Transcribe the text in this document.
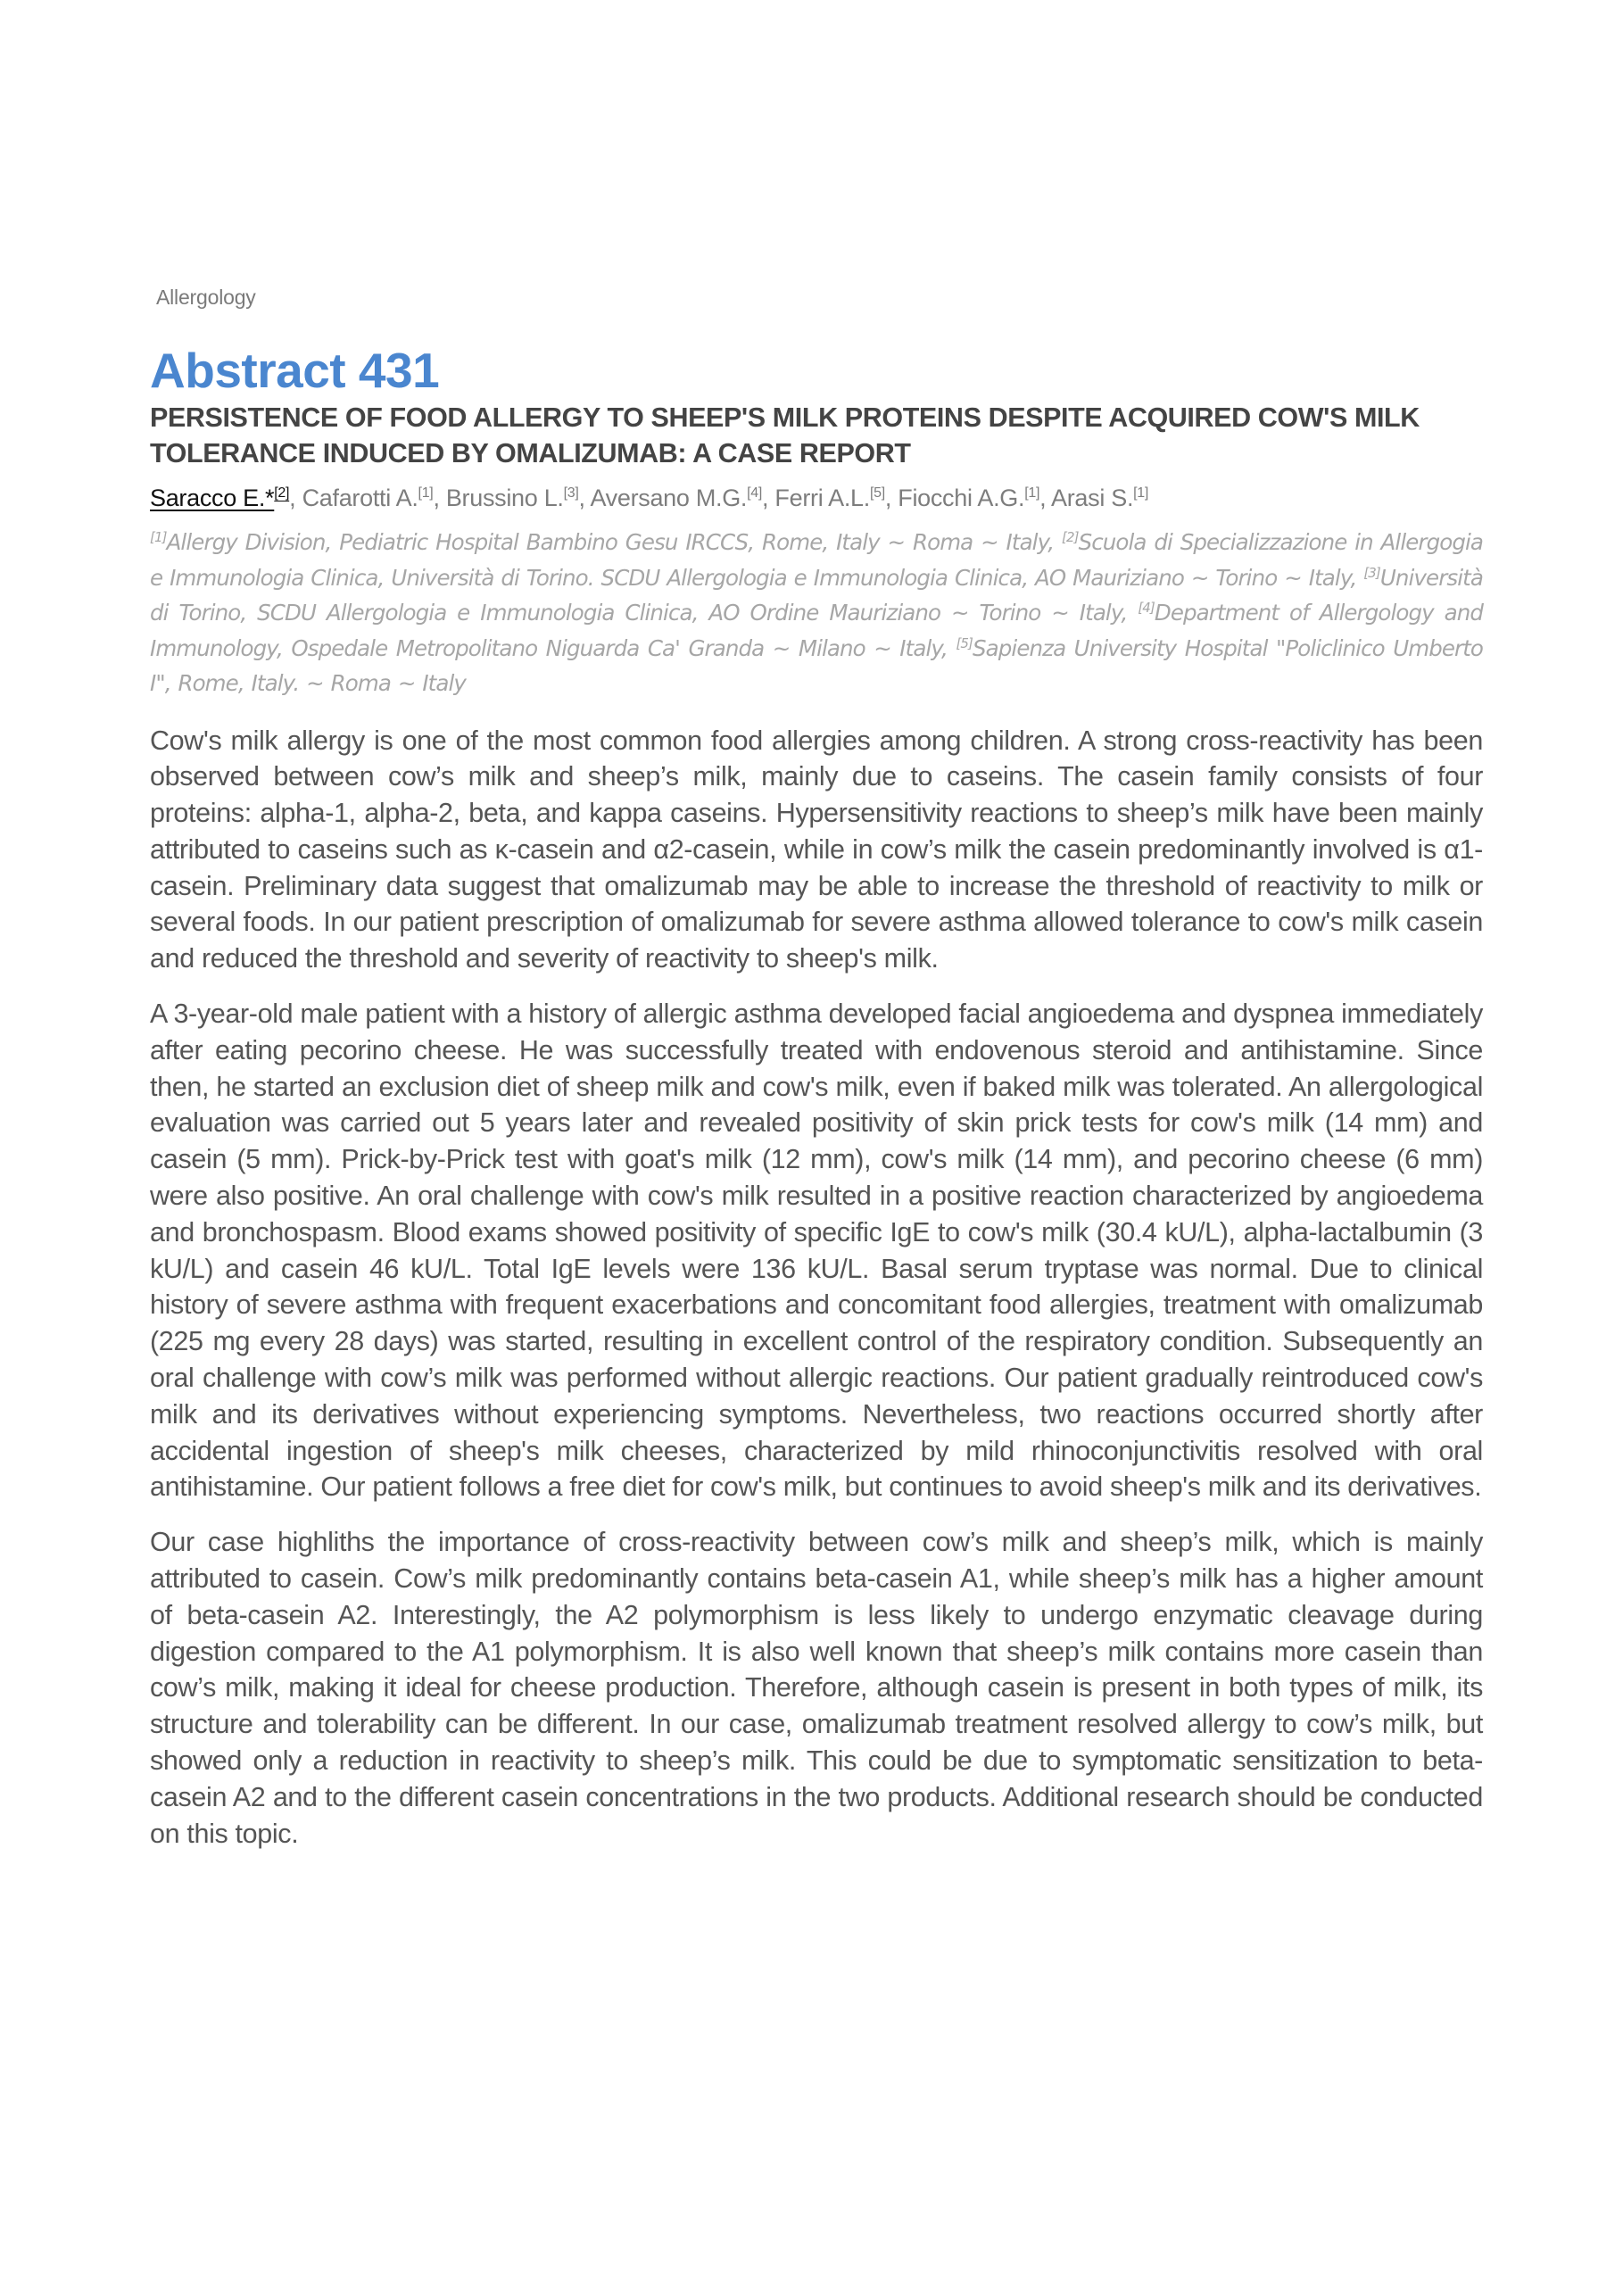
Allergology
Abstract 431
PERSISTENCE OF FOOD ALLERGY TO SHEEP'S MILK PROTEINS DESPITE ACQUIRED COW'S MILK TOLERANCE INDUCED BY OMALIZUMAB: A CASE REPORT
Saracco E.*[2], Cafarotti A.[1], Brussino L.[3], Aversano M.G.[4], Ferri A.L.[5], Fiocchi A.G.[1], Arasi S.[1]
[1]Allergy Division, Pediatric Hospital Bambino Gesu IRCCS, Rome, Italy ~ Roma ~ Italy, [2]Scuola di Specializzazione in Allergogia e Immunologia Clinica, Università di Torino. SCDU Allergologia e Immunologia Clinica, AO Mauriziano ~ Torino ~ Italy, [3]Università di Torino, SCDU Allergologia e Immunologia Clinica, AO Ordine Mauriziano ~ Torino ~ Italy, [4]Department of Allergology and Immunology, Ospedale Metropolitano Niguarda Ca' Granda ~ Milano ~ Italy, [5]Sapienza University Hospital "Policlinico Umberto I", Rome, Italy. ~ Roma ~ Italy

Cow's milk allergy is one of the most common food allergies among children. A strong cross-reactivity has been observed between cow’s milk and sheep’s milk, mainly due to caseins. The casein family consists of four proteins: alpha-1, alpha-2, beta, and kappa caseins. Hypersensitivity reactions to sheep’s milk have been mainly attributed to caseins such as κ-casein and α2-casein, while in cow’s milk the casein predominantly involved is α1-casein. Preliminary data suggest that omalizumab may be able to increase the threshold of reactivity to milk or several foods. In our patient prescription of omalizumab for severe asthma allowed tolerance to cow's milk casein and reduced the threshold and severity of reactivity to sheep's milk.

A 3-year-old male patient with a history of allergic asthma developed facial angioedema and dyspnea immediately after eating pecorino cheese. He was successfully treated with endovenous steroid and antihistamine. Since then, he started an exclusion diet of sheep milk and cow's milk, even if baked milk was tolerated. An allergological evaluation was carried out 5 years later and revealed positivity of skin prick tests for cow's milk (14 mm) and casein (5 mm). Prick-by-Prick test with goat's milk (12 mm), cow's milk (14 mm), and pecorino cheese (6 mm) were also positive. An oral challenge with cow's milk resulted in a positive reaction characterized by angioedema and bronchospasm. Blood exams showed positivity of specific IgE to cow's milk (30.4 kU/L), alpha-lactalbumin (3 kU/L) and casein 46 kU/L. Total IgE levels were 136 kU/L. Basal serum tryptase was normal. Due to clinical history of severe asthma with frequent exacerbations and concomitant food allergies, treatment with omalizumab (225 mg every 28 days) was started, resulting in excellent control of the respiratory condition. Subsequently an oral challenge with cow’s milk was performed without allergic reactions. Our patient gradually reintroduced cow's milk and its derivatives without experiencing symptoms. Nevertheless, two reactions occurred shortly after accidental ingestion of sheep's milk cheeses, characterized by mild rhinoconjunctivitis resolved with oral antihistamine. Our patient follows a free diet for cow's milk, but continues to avoid sheep's milk and its derivatives.

Our case highliths the importance of cross-reactivity between cow’s milk and sheep’s milk, which is mainly attributed to casein. Cow’s milk predominantly contains beta-casein A1, while sheep’s milk has a higher amount of beta-casein A2. Interestingly, the A2 polymorphism is less likely to undergo enzymatic cleavage during digestion compared to the A1 polymorphism. It is also well known that sheep’s milk contains more casein than cow’s milk, making it ideal for cheese production. Therefore, although casein is present in both types of milk, its structure and tolerability can be different. In our case, omalizumab treatment resolved allergy to cow’s milk, but showed only a reduction in reactivity to sheep’s milk. This could be due to symptomatic sensitization to beta-casein A2 and to the different casein concentrations in the two products. Additional research should be conducted on this topic.
